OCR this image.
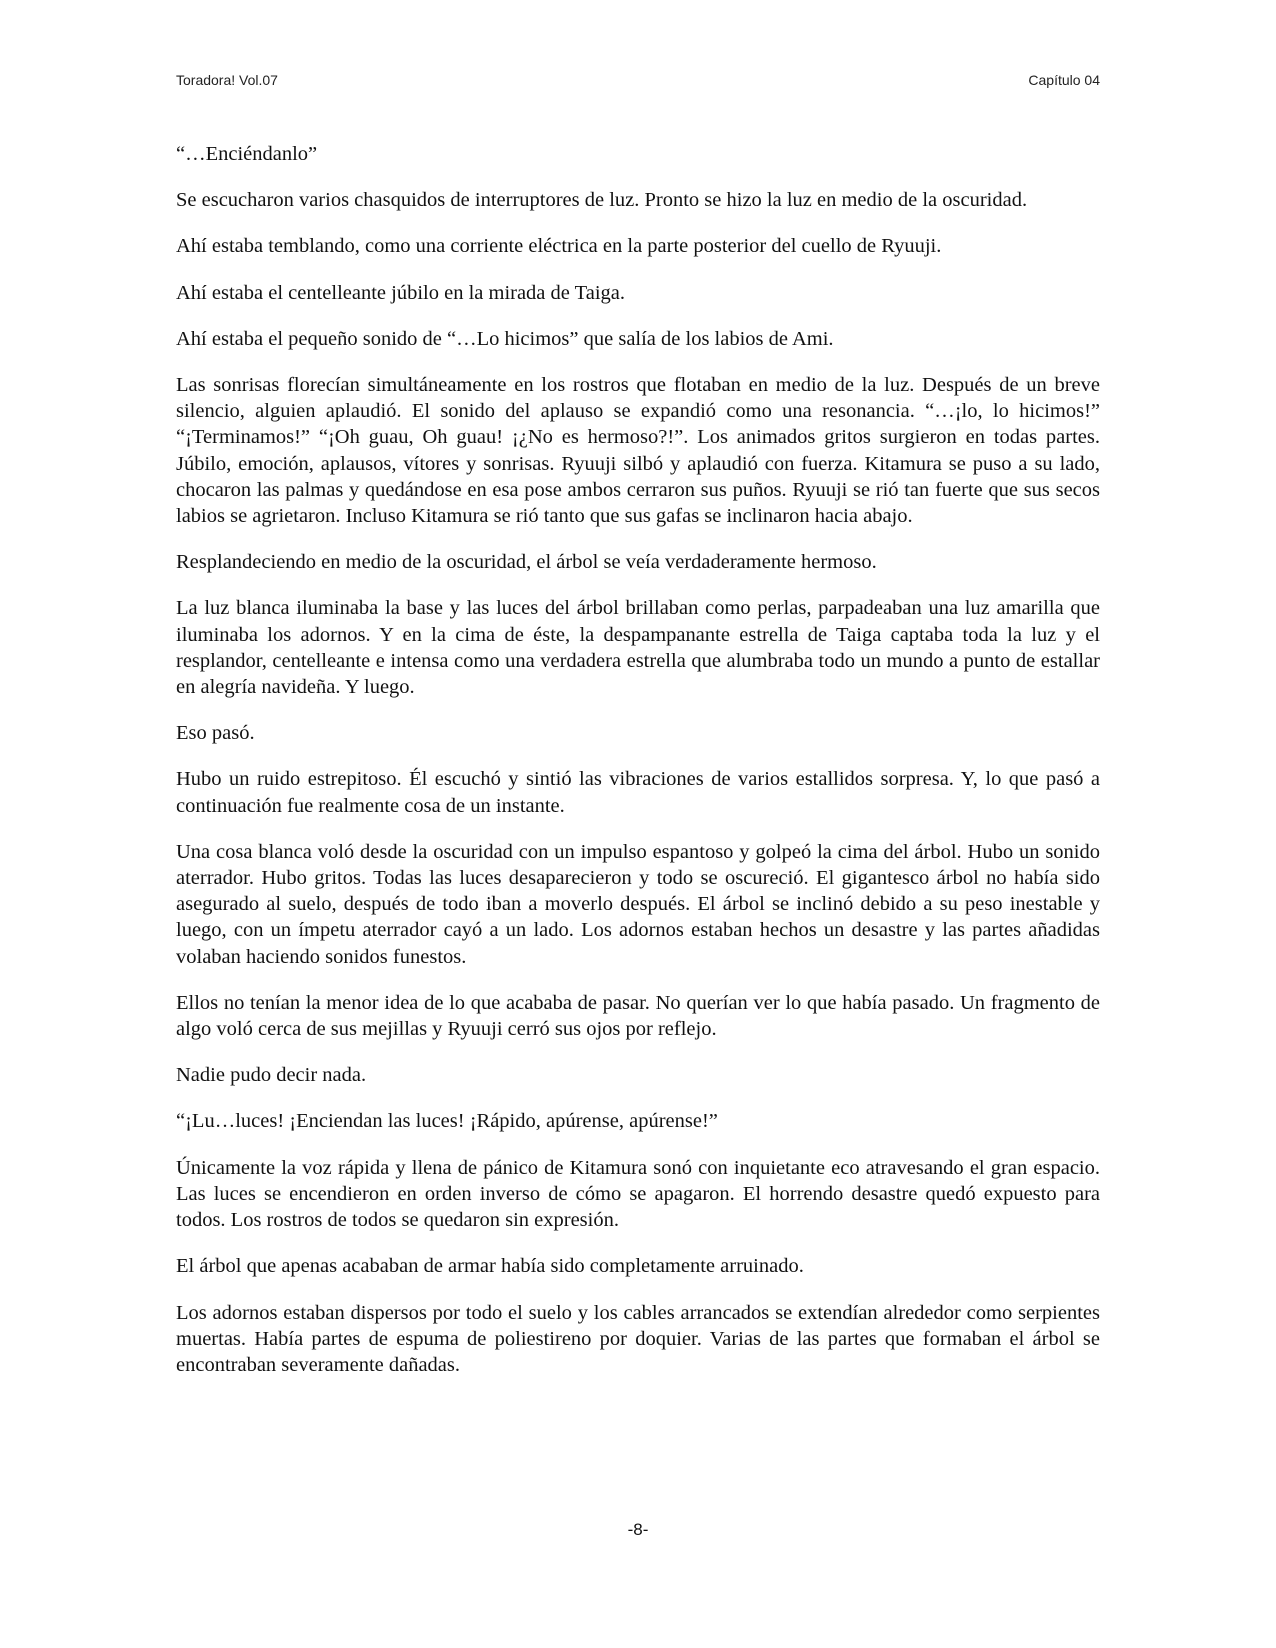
Toradora! Vol.07	Capítulo 04

“…Enciéndanlo”

Se escucharon varios chasquidos de interruptores de luz. Pronto se hizo la luz en medio de la oscuridad.

Ahí estaba temblando, como una corriente eléctrica en la parte posterior del cuello de Ryuuji.

Ahí estaba el centelleante júbilo en la mirada de Taiga.

Ahí estaba el pequeño sonido de “…Lo hicimos” que salía de los labios de Ami.

Las sonrisas florecían simultáneamente en los rostros que flotaban en medio de la luz. Después de un breve silencio, alguien aplaudió. El sonido del aplauso se expandió como una resonancia. “…¡lo, lo hicimos!” “¡Terminamos!” “¡Oh guau, Oh guau! ¡¿No es hermoso?!”. Los animados gritos surgieron en todas partes. Júbilo, emoción, aplausos, vítores y sonrisas. Ryuuji silbó y aplaudió con fuerza. Kitamura se puso a su lado, chocaron las palmas y quedándose en esa pose ambos cerraron sus puños. Ryuuji se rió tan fuerte que sus secos labios se agrietaron. Incluso Kitamura se rió tanto que sus gafas se inclinaron hacia abajo.

Resplandeciendo en medio de la oscuridad, el árbol se veía verdaderamente hermoso.

La luz blanca iluminaba la base y las luces del árbol brillaban como perlas, parpadeaban una luz amarilla que iluminaba los adornos. Y en la cima de éste, la despampanante estrella de Taiga captaba toda la luz y el resplandor, centelleante e intensa como una verdadera estrella que alumbraba todo un mundo a punto de estallar en alegría navideña. Y luego.

Eso pasó.

Hubo un ruido estrepitoso. Él escuchó y sintió las vibraciones de varios estallidos sorpresa. Y, lo que pasó a continuación fue realmente cosa de un instante.

Una cosa blanca voló desde la oscuridad con un impulso espantoso y golpeó la cima del árbol. Hubo un sonido aterrador. Hubo gritos. Todas las luces desaparecieron y todo se oscureció. El gigantesco árbol no había sido asegurado al suelo, después de todo iban a moverlo después. El árbol se inclinó debido a su peso inestable y luego, con un ímpetu aterrador cayó a un lado. Los adornos estaban hechos un desastre y las partes añadidas volaban haciendo sonidos funestos.

Ellos no tenían la menor idea de lo que acababa de pasar. No querían ver lo que había pasado. Un fragmento de algo voló cerca de sus mejillas y Ryuuji cerró sus ojos por reflejo.

Nadie pudo decir nada.

“¡Lu…luces! ¡Enciendan las luces! ¡Rápido, apúrense, apúrense!”

Únicamente la voz rápida y llena de pánico de Kitamura sonó con inquietante eco atravesando el gran espacio. Las luces se encendieron en orden inverso de cómo se apagaron. El horrendo desastre quedó expuesto para todos. Los rostros de todos se quedaron sin expresión.

El árbol que apenas acababan de armar había sido completamente arruinado.

Los adornos estaban dispersos por todo el suelo y los cables arrancados se extendían alrededor como serpientes muertas. Había partes de espuma de poliestireno por doquier. Varias de las partes que formaban el árbol se encontraban severamente dañadas.

-8-
